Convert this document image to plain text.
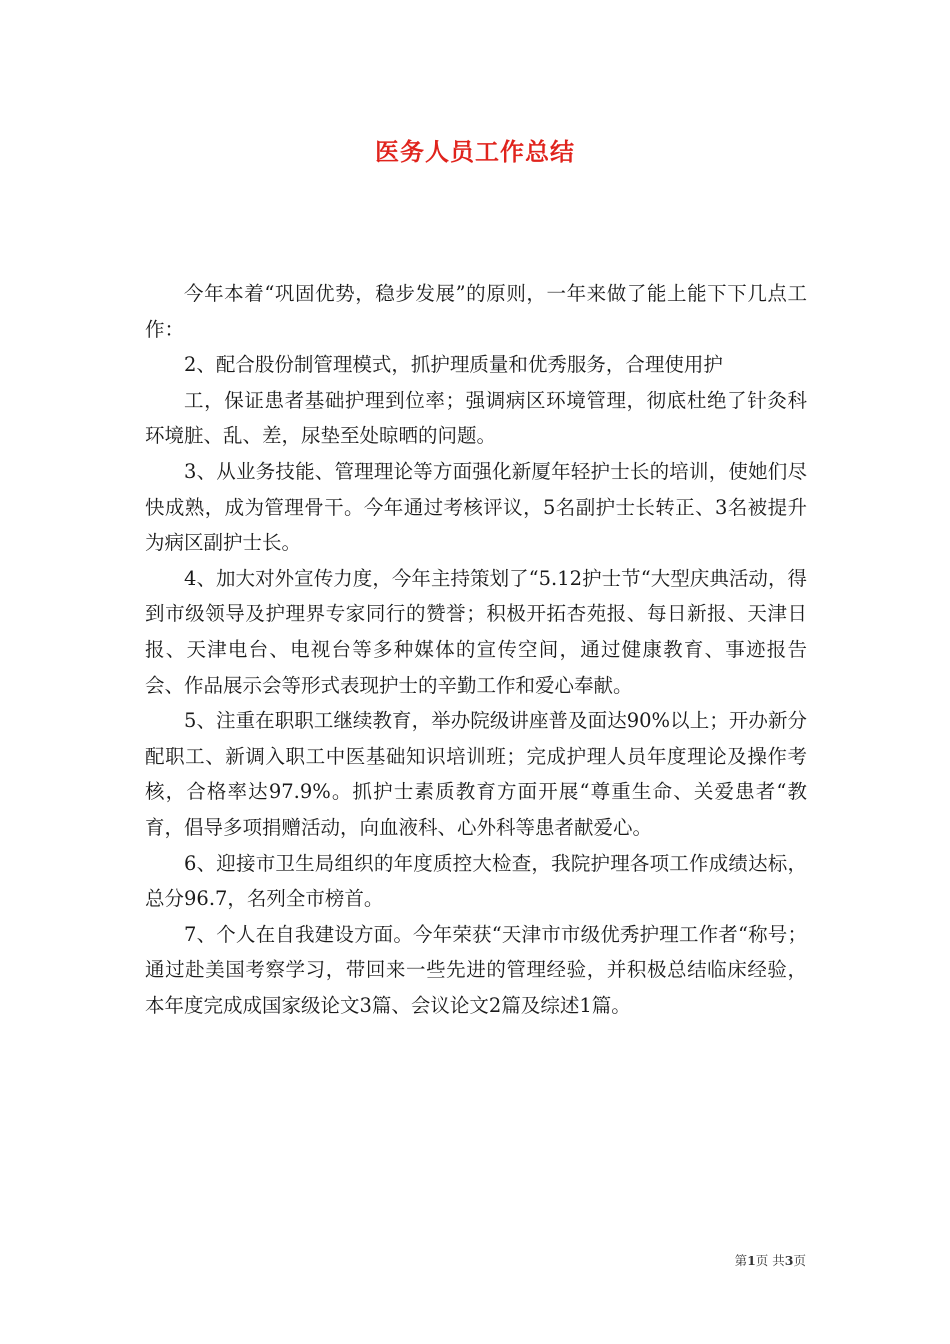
医务人员工作总结

今年本着“巩固优势，稳步发展”的原则，一年来做了能上能下下几点工作：

2、配合股份制管理模式，抓护理质量和优秀服务，合理使用护

工，保证患者基础护理到位率；强调病区环境管理，彻底杜绝了针灸科环境脏、乱、差，尿垫至处晾晒的问题。

3、从业务技能、管理理论等方面强化新厦年轻护士长的培训，使她们尽快成熟，成为管理骨干。今年通过考核评议，5名副护士长转正、3名被提升为病区副护士长。

4、加大对外宣传力度，今年主持策划了“5.12护士节“大型庆典活动，得到市级领导及护理界专家同行的赞誉；积极开拓杏苑报、每日新报、天津日报、天津电台、电视台等多种媒体的宣传空间，通过健康教育、事迹报告会、作品展示会等形式表现护士的辛勤工作和爱心奉献。

5、注重在职职工继续教育，举办院级讲座普及面达90%以上；开办新分配职工、新调入职工中医基础知识培训班；完成护理人员年度理论及操作考核，合格率达97.9%。抓护士素质教育方面开展“尊重生命、关爱患者“教育，倡导多项捐赠活动，向血液科、心外科等患者献爱心。

6、迎接市卫生局组织的年度质控大检查，我院护理各项工作成绩达标，总分96.7，名列全市榜首。

7、个人在自我建设方面。今年荣获“天津市市级优秀护理工作者“称号；通过赴美国考察学习，带回来一些先进的管理经验，并积极总结临床经验，本年度完成成国家级论文3篇、会议论文2篇及综述1篇。

第1页 共3页
